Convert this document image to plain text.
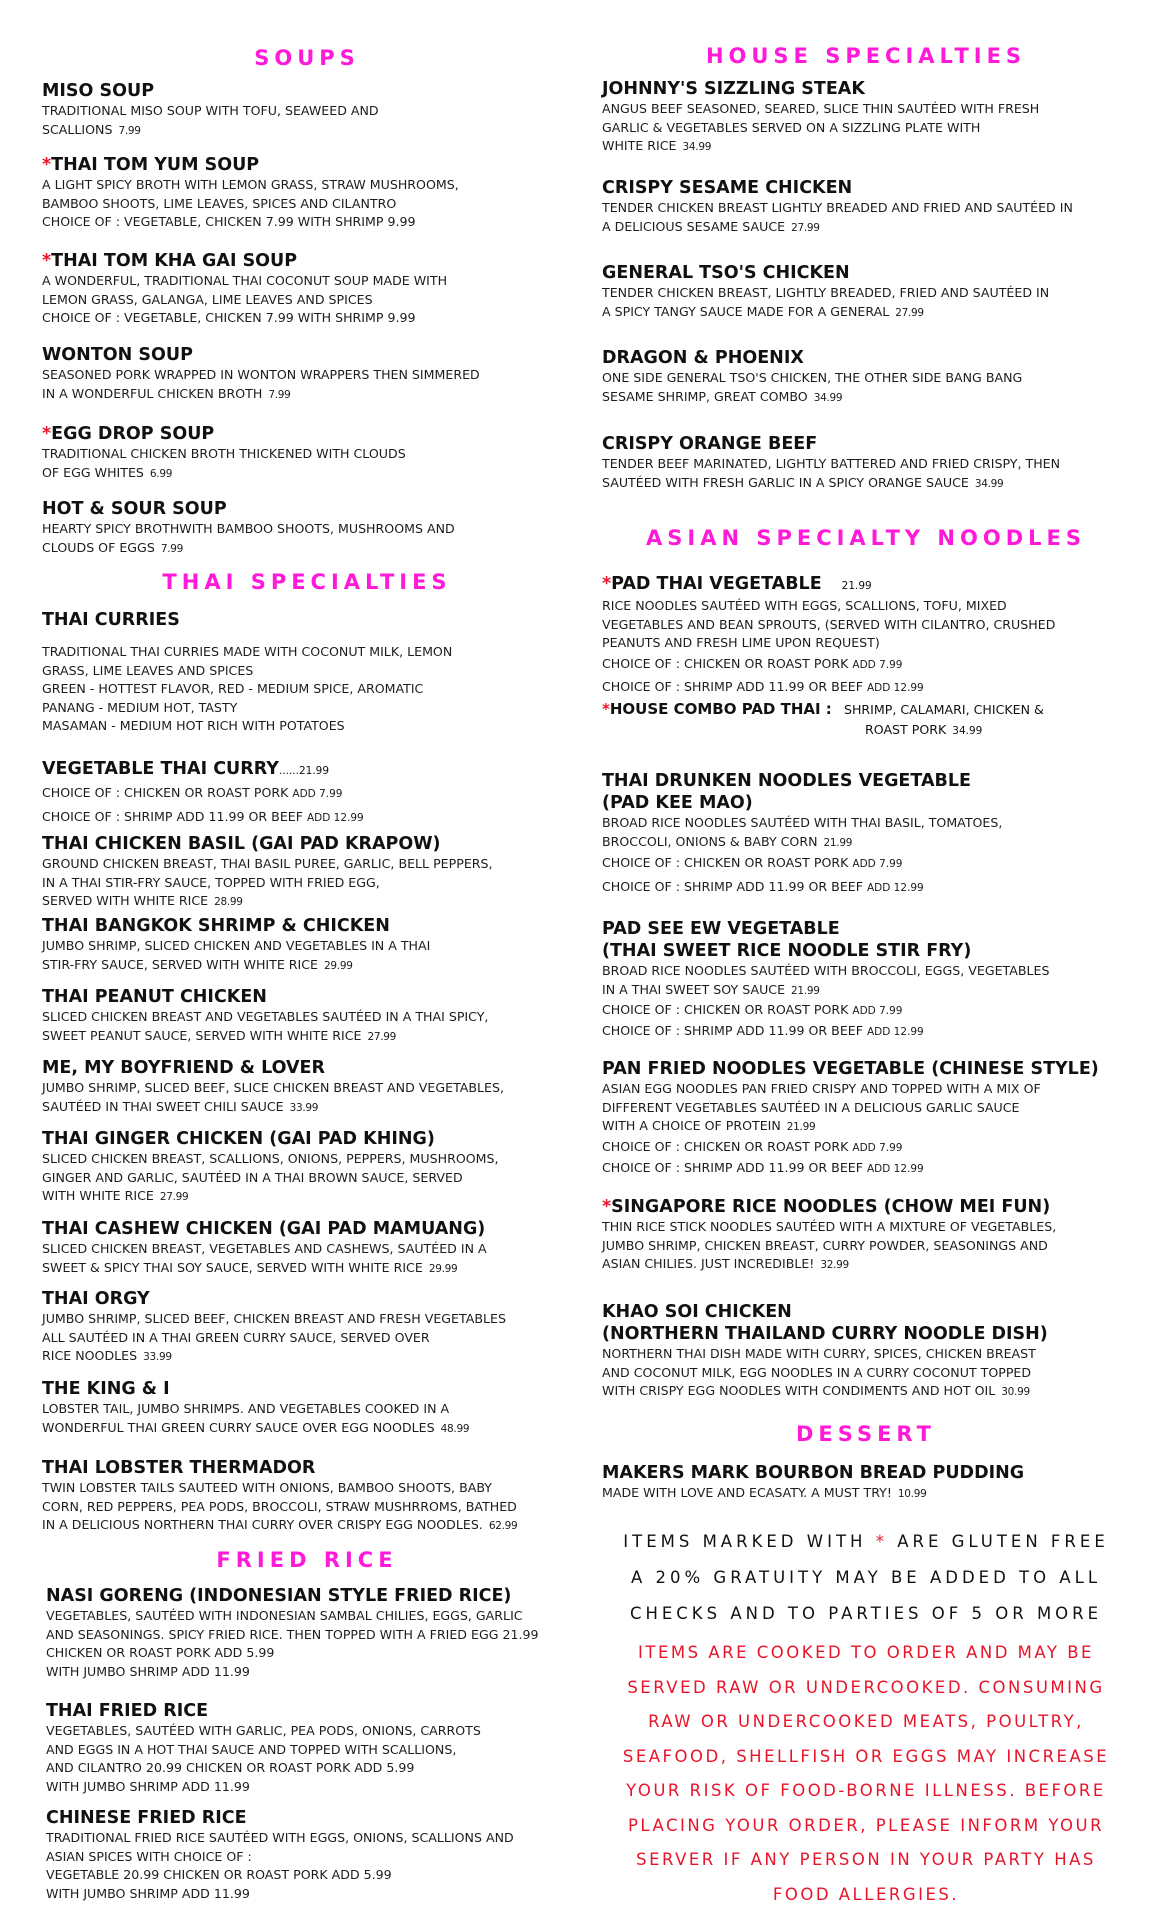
SOUPS
MISO SOUP
TRADITIONAL MISO SOUP WITH TOFU, SEAWEED AND
SCALLIONS 7.99
*THAI TOM YUM SOUP
A LIGHT SPICY BROTH WITH LEMON GRASS, STRAW MUSHROOMS,
BAMBOO SHOOTS, LIME LEAVES, SPICES AND CILANTRO
CHOICE OF : VEGETABLE, CHICKEN 7.99 WITH SHRIMP 9.99
*THAI TOM KHA GAI SOUP
A WONDERFUL, TRADITIONAL THAI COCONUT SOUP MADE WITH
LEMON GRASS, GALANGA, LIME LEAVES AND SPICES
CHOICE OF : VEGETABLE, CHICKEN 7.99 WITH SHRIMP 9.99
WONTON SOUP
SEASONED PORK WRAPPED IN WONTON WRAPPERS THEN SIMMERED
IN A WONDERFUL CHICKEN BROTH 7.99
*EGG DROP SOUP
TRADITIONAL CHICKEN BROTH THICKENED WITH CLOUDS
OF EGG WHITES 6.99
HOT & SOUR SOUP
HEARTY SPICY BROTHWITH BAMBOO SHOOTS, MUSHROOMS AND
CLOUDS OF EGGS 7.99
THAI SPECIALTIES
THAI CURRIES
TRADITIONAL THAI CURRIES MADE WITH COCONUT MILK, LEMON
GRASS, LIME LEAVES AND SPICES
GREEN - HOTTEST FLAVOR, RED - MEDIUM SPICE, AROMATIC
PANANG - MEDIUM HOT, TASTY
MASAMAN - MEDIUM HOT RICH WITH POTATOES
VEGETABLE THAI CURRY......21.99
CHOICE OF : CHICKEN OR ROAST PORK ADD 7.99
CHOICE OF : SHRIMP ADD 11.99 OR BEEF ADD 12.99
THAI CHICKEN BASIL (GAI PAD KRAPOW)
GROUND CHICKEN BREAST, THAI BASIL PUREE, GARLIC, BELL PEPPERS,
IN A THAI STIR-FRY SAUCE, TOPPED WITH FRIED EGG,
SERVED WITH WHITE RICE 28.99
THAI BANGKOK SHRIMP & CHICKEN
JUMBO SHRIMP, SLICED CHICKEN AND VEGETABLES IN A THAI
STIR-FRY SAUCE, SERVED WITH WHITE RICE 29.99
THAI PEANUT CHICKEN
SLICED CHICKEN BREAST AND VEGETABLES SAUTÉED IN A THAI SPICY,
SWEET PEANUT SAUCE, SERVED WITH WHITE RICE 27.99
ME, MY BOYFRIEND & LOVER
JUMBO SHRIMP, SLICED BEEF, SLICE CHICKEN BREAST AND VEGETABLES,
SAUTÉED IN THAI SWEET CHILI SAUCE 33.99
THAI GINGER CHICKEN (GAI PAD KHING)
SLICED CHICKEN BREAST, SCALLIONS, ONIONS, PEPPERS, MUSHROOMS,
GINGER AND GARLIC, SAUTÉED IN A THAI BROWN SAUCE, SERVED
WITH WHITE RICE 27.99
THAI CASHEW CHICKEN (GAI PAD MAMUANG)
SLICED CHICKEN BREAST, VEGETABLES AND CASHEWS, SAUTÉED IN A
SWEET & SPICY THAI SOY SAUCE, SERVED WITH WHITE RICE 29.99
THAI ORGY
JUMBO SHRIMP, SLICED BEEF, CHICKEN BREAST AND FRESH VEGETABLES
ALL SAUTÉED IN A THAI GREEN CURRY SAUCE, SERVED OVER
RICE NOODLES 33.99
THE KING & I
LOBSTER TAIL, JUMBO SHRIMPS. AND VEGETABLES COOKED IN A
WONDERFUL THAI GREEN CURRY SAUCE OVER EGG NOODLES 48.99
THAI LOBSTER THERMADOR
TWIN LOBSTER TAILS SAUTEED WITH ONIONS, BAMBOO SHOOTS, BABY
CORN, RED PEPPERS, PEA PODS, BROCCOLI, STRAW MUSHRROMS, BATHED
IN A DELICIOUS NORTHERN THAI CURRY OVER CRISPY EGG NOODLES. 62.99
FRIED RICE
NASI GORENG (INDONESIAN STYLE FRIED RICE)
VEGETABLES, SAUTÉED WITH INDONESIAN SAMBAL CHILIES, EGGS, GARLIC
AND SEASONINGS. SPICY FRIED RICE. THEN TOPPED WITH A FRIED EGG 21.99
CHICKEN OR ROAST PORK ADD 5.99
WITH JUMBO SHRIMP ADD 11.99
THAI FRIED RICE
VEGETABLES, SAUTÉED WITH GARLIC, PEA PODS, ONIONS, CARROTS
AND EGGS IN A HOT THAI SAUCE AND TOPPED WITH SCALLIONS,
AND CILANTRO 20.99 CHICKEN OR ROAST PORK ADD 5.99
WITH JUMBO SHRIMP ADD 11.99
CHINESE FRIED RICE
TRADITIONAL FRIED RICE SAUTÉED WITH EGGS, ONIONS, SCALLIONS AND
ASIAN SPICES WITH CHOICE OF :
VEGETABLE 20.99 CHICKEN OR ROAST PORK ADD 5.99
WITH JUMBO SHRIMP ADD 11.99
HOUSE SPECIALTIES
JOHNNY'S SIZZLING STEAK
ANGUS BEEF SEASONED, SEARED, SLICE THIN SAUTÉED WITH FRESH
GARLIC & VEGETABLES SERVED ON A SIZZLING PLATE WITH
WHITE RICE 34.99
CRISPY SESAME CHICKEN
TENDER CHICKEN BREAST LIGHTLY BREADED AND FRIED AND SAUTÉED IN
A DELICIOUS SESAME SAUCE 27.99
GENERAL TSO'S CHICKEN
TENDER CHICKEN BREAST, LIGHTLY BREADED, FRIED AND SAUTÉED IN
A SPICY TANGY SAUCE MADE FOR A GENERAL 27.99
DRAGON & PHOENIX
ONE SIDE GENERAL TSO'S CHICKEN, THE OTHER SIDE BANG BANG
SESAME SHRIMP, GREAT COMBO 34.99
CRISPY ORANGE BEEF
TENDER BEEF MARINATED, LIGHTLY BATTERED AND FRIED CRISPY, THEN
SAUTÉED WITH FRESH GARLIC IN A SPICY ORANGE SAUCE 34.99
ASIAN SPECIALTY NOODLES
*PAD THAI VEGETABLE 21.99
RICE NOODLES SAUTÉED WITH EGGS, SCALLIONS, TOFU, MIXED
VEGETABLES AND BEAN SPROUTS, (SERVED WITH CILANTRO, CRUSHED
PEANUTS AND FRESH LIME UPON REQUEST)
CHOICE OF : CHICKEN OR ROAST PORK ADD 7.99
CHOICE OF : SHRIMP ADD 11.99 OR BEEF ADD 12.99
*HOUSE COMBO PAD THAI : SHRIMP, CALAMARI, CHICKEN &
ROAST PORK 34.99
THAI DRUNKEN NOODLES VEGETABLE
(PAD KEE MAO)
BROAD RICE NOODLES SAUTÉED WITH THAI BASIL, TOMATOES,
BROCCOLI, ONIONS & BABY CORN 21.99
CHOICE OF : CHICKEN OR ROAST PORK ADD 7.99
CHOICE OF : SHRIMP ADD 11.99 OR BEEF ADD 12.99
PAD SEE EW VEGETABLE
(THAI SWEET RICE NOODLE STIR FRY)
BROAD RICE NOODLES SAUTÉED WITH BROCCOLI, EGGS, VEGETABLES
IN A THAI SWEET SOY SAUCE 21.99
CHOICE OF : CHICKEN OR ROAST PORK ADD 7.99
CHOICE OF : SHRIMP ADD 11.99 OR BEEF ADD 12.99
PAN FRIED NOODLES VEGETABLE (CHINESE STYLE)
ASIAN EGG NOODLES PAN FRIED CRISPY AND TOPPED WITH A MIX OF
DIFFERENT VEGETABLES SAUTÉED IN A DELICIOUS GARLIC SAUCE
WITH A CHOICE OF PROTEIN 21.99
CHOICE OF : CHICKEN OR ROAST PORK ADD 7.99
CHOICE OF : SHRIMP ADD 11.99 OR BEEF ADD 12.99
*SINGAPORE RICE NOODLES (CHOW MEI FUN)
THIN RICE STICK NOODLES SAUTÉED WITH A MIXTURE OF VEGETABLES,
JUMBO SHRIMP, CHICKEN BREAST, CURRY POWDER, SEASONINGS AND
ASIAN CHILIES. JUST INCREDIBLE! 32.99
KHAO SOI CHICKEN
(NORTHERN THAILAND CURRY NOODLE DISH)
NORTHERN THAI DISH MADE WITH CURRY, SPICES, CHICKEN BREAST
AND COCONUT MILK, EGG NOODLES IN A CURRY COCONUT TOPPED
WITH CRISPY EGG NOODLES WITH CONDIMENTS AND HOT OIL 30.99
DESSERT
MAKERS MARK BOURBON BREAD PUDDING
MADE WITH LOVE AND ECASATY. A MUST TRY! 10.99
ITEMS MARKED WITH * ARE GLUTEN FREE
A 20% GRATUITY MAY BE ADDED TO ALL
CHECKS AND TO PARTIES OF 5 OR MORE
ITEMS ARE COOKED TO ORDER AND MAY BE
SERVED RAW OR UNDERCOOKED. CONSUMING
RAW OR UNDERCOOKED MEATS, POULTRY,
SEAFOOD, SHELLFISH OR EGGS MAY INCREASE
YOUR RISK OF FOOD-BORNE ILLNESS. BEFORE
PLACING YOUR ORDER, PLEASE INFORM YOUR
SERVER IF ANY PERSON IN YOUR PARTY HAS
FOOD ALLERGIES.
